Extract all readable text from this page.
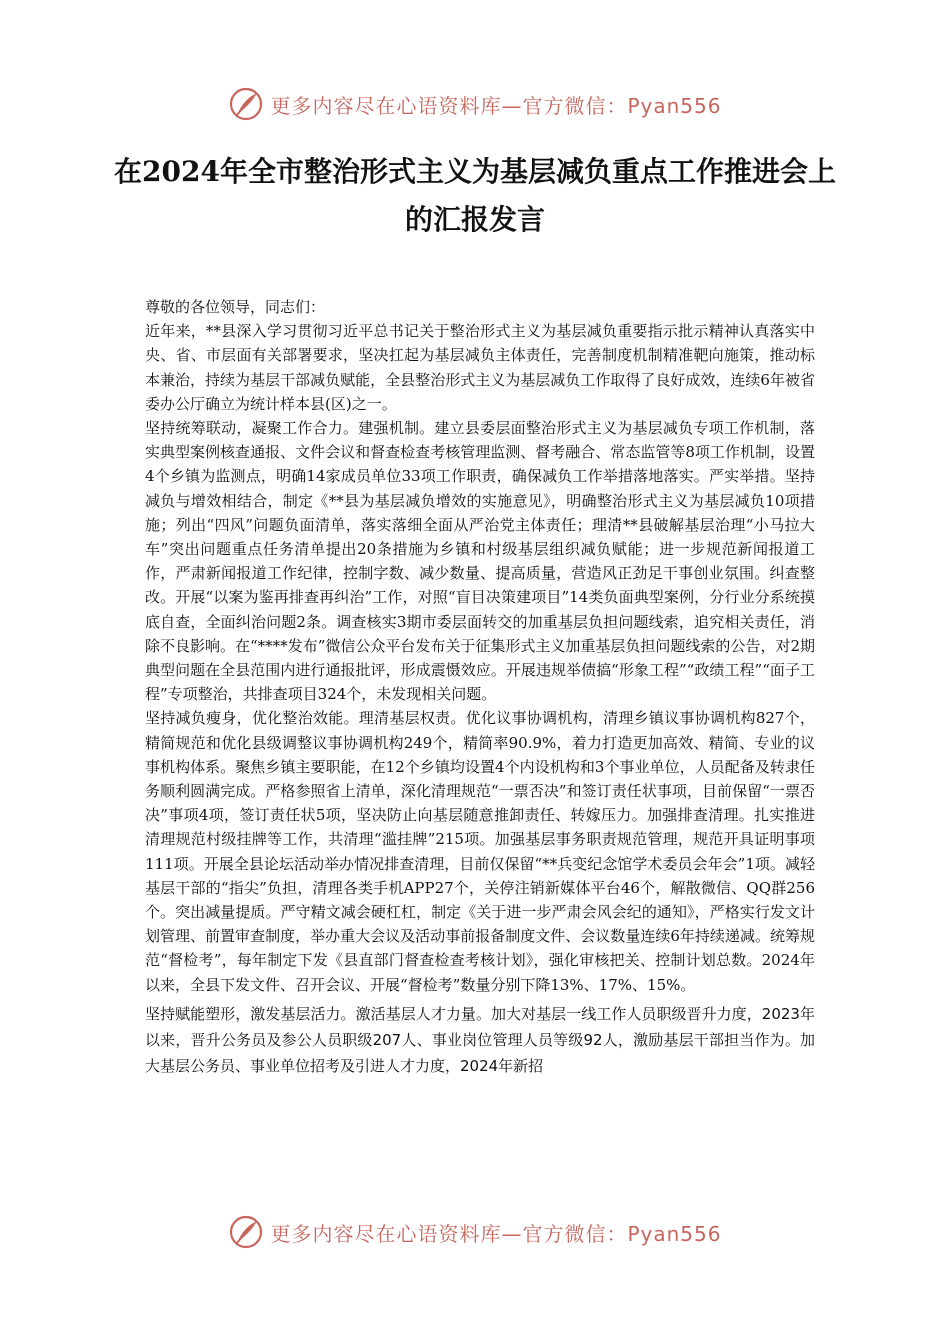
更多内容尽在心语资料库—官方微信：Pyan556
在2024年全市整治形式主义为基层减负重点工作推进会上的汇报发言

尊敬的各位领导，同志们：

近年来，**县深入学习贯彻习近平总书记关于整治形式主义为基层减负重要指示批示精神认真落实中央、省、市层面有关部署要求，坚决扛起为基层减负主体责任，完善制度机制精准靶向施策，推动标本兼治，持续为基层干部减负赋能，全县整治形式主义为基层减负工作取得了良好成效，连续6年被省委办公厅确立为统计样本县(区)之一。

坚持统筹联动，凝聚工作合力。建强机制。建立县委层面整治形式主义为基层减负专项工作机制，落实典型案例核查通报、文件会议和督查检查考核管理监测、督考融合、常态监管等8项工作机制，设置4个乡镇为监测点，明确14家成员单位33项工作职责，确保减负工作举措落地落实。严实举措。坚持减负与增效相结合，制定《**县为基层减负增效的实施意见》，明确整治形式主义为基层减负10项措施；列出“四风”问题负面清单，落实落细全面从严治党主体责任；理清**县破解基层治理“小马拉大车”突出问题重点任务清单提出20条措施为乡镇和村级基层组织减负赋能；进一步规范新闻报道工作，严肃新闻报道工作纪律，控制字数、减少数量、提高质量，营造风正劲足干事创业氛围。纠查整改。开展“以案为鉴再排查再纠治”工作，对照“盲目决策建项目”14类负面典型案例，分行业分系统摸底自查，全面纠治问题2条。调查核实3期市委层面转交的加重基层负担问题线索，追究相关责任，消除不良影响。在“****发布”微信公众平台发布关于征集形式主义加重基层负担问题线索的公告，对2期典型问题在全县范围内进行通报批评，形成震慑效应。开展违规举债搞“形象工程”“政绩工程”“面子工程”专项整治，共排查项目324个，未发现相关问题。

坚持减负瘦身，优化整治效能。理清基层权责。优化议事协调机构，清理乡镇议事协调机构827个，精简规范和优化县级调整议事协调机构249个，精简率90.9%，着力打造更加高效、精简、专业的议事机构体系。聚焦乡镇主要职能，在12个乡镇均设置4个内设机构和3个事业单位，人员配备及转隶任务顺利圆满完成。严格参照省上清单，深化清理规范“一票否决”和签订责任状事项，目前保留“一票否决”事项4项，签订责任状5项，坚决防止向基层随意推卸责任、转嫁压力。加强排查清理。扎实推进清理规范村级挂牌等工作，共清理“滥挂牌”215项。加强基层事务职责规范管理，规范开具证明事项111项。开展全县论坛活动举办情况排查清理，目前仅保留“**兵变纪念馆学术委员会年会”1项。减轻基层干部的“指尖”负担，清理各类手机APP27个，关停注销新媒体平台46个，解散微信、QQ群256个。突出减量提质。严守精文减会硬杠杠，制定《关于进一步严肃会风会纪的通知》，严格实行发文计划管理、前置审查制度，举办重大会议及活动事前报备制度文件、会议数量连续6年持续递减。统筹规范“督检考”，每年制定下发《县直部门督查检查考核计划》，强化审核把关、控制计划总数。2024年以来，全县下发文件、召开会议、开展“督检考”数量分别下降13%、17%、15%。

坚持赋能塑形，激发基层活力。激活基层人才力量。加大对基层一线工作人员职级晋升力度，2023年以来，晋升公务员及参公人员职级207人、事业岗位管理人员等级92人，激励基层干部担当作为。加大基层公务员、事业单位招考及引进人才力度，2024年新招

更多内容尽在心语资料库—官方微信：Pyan556
